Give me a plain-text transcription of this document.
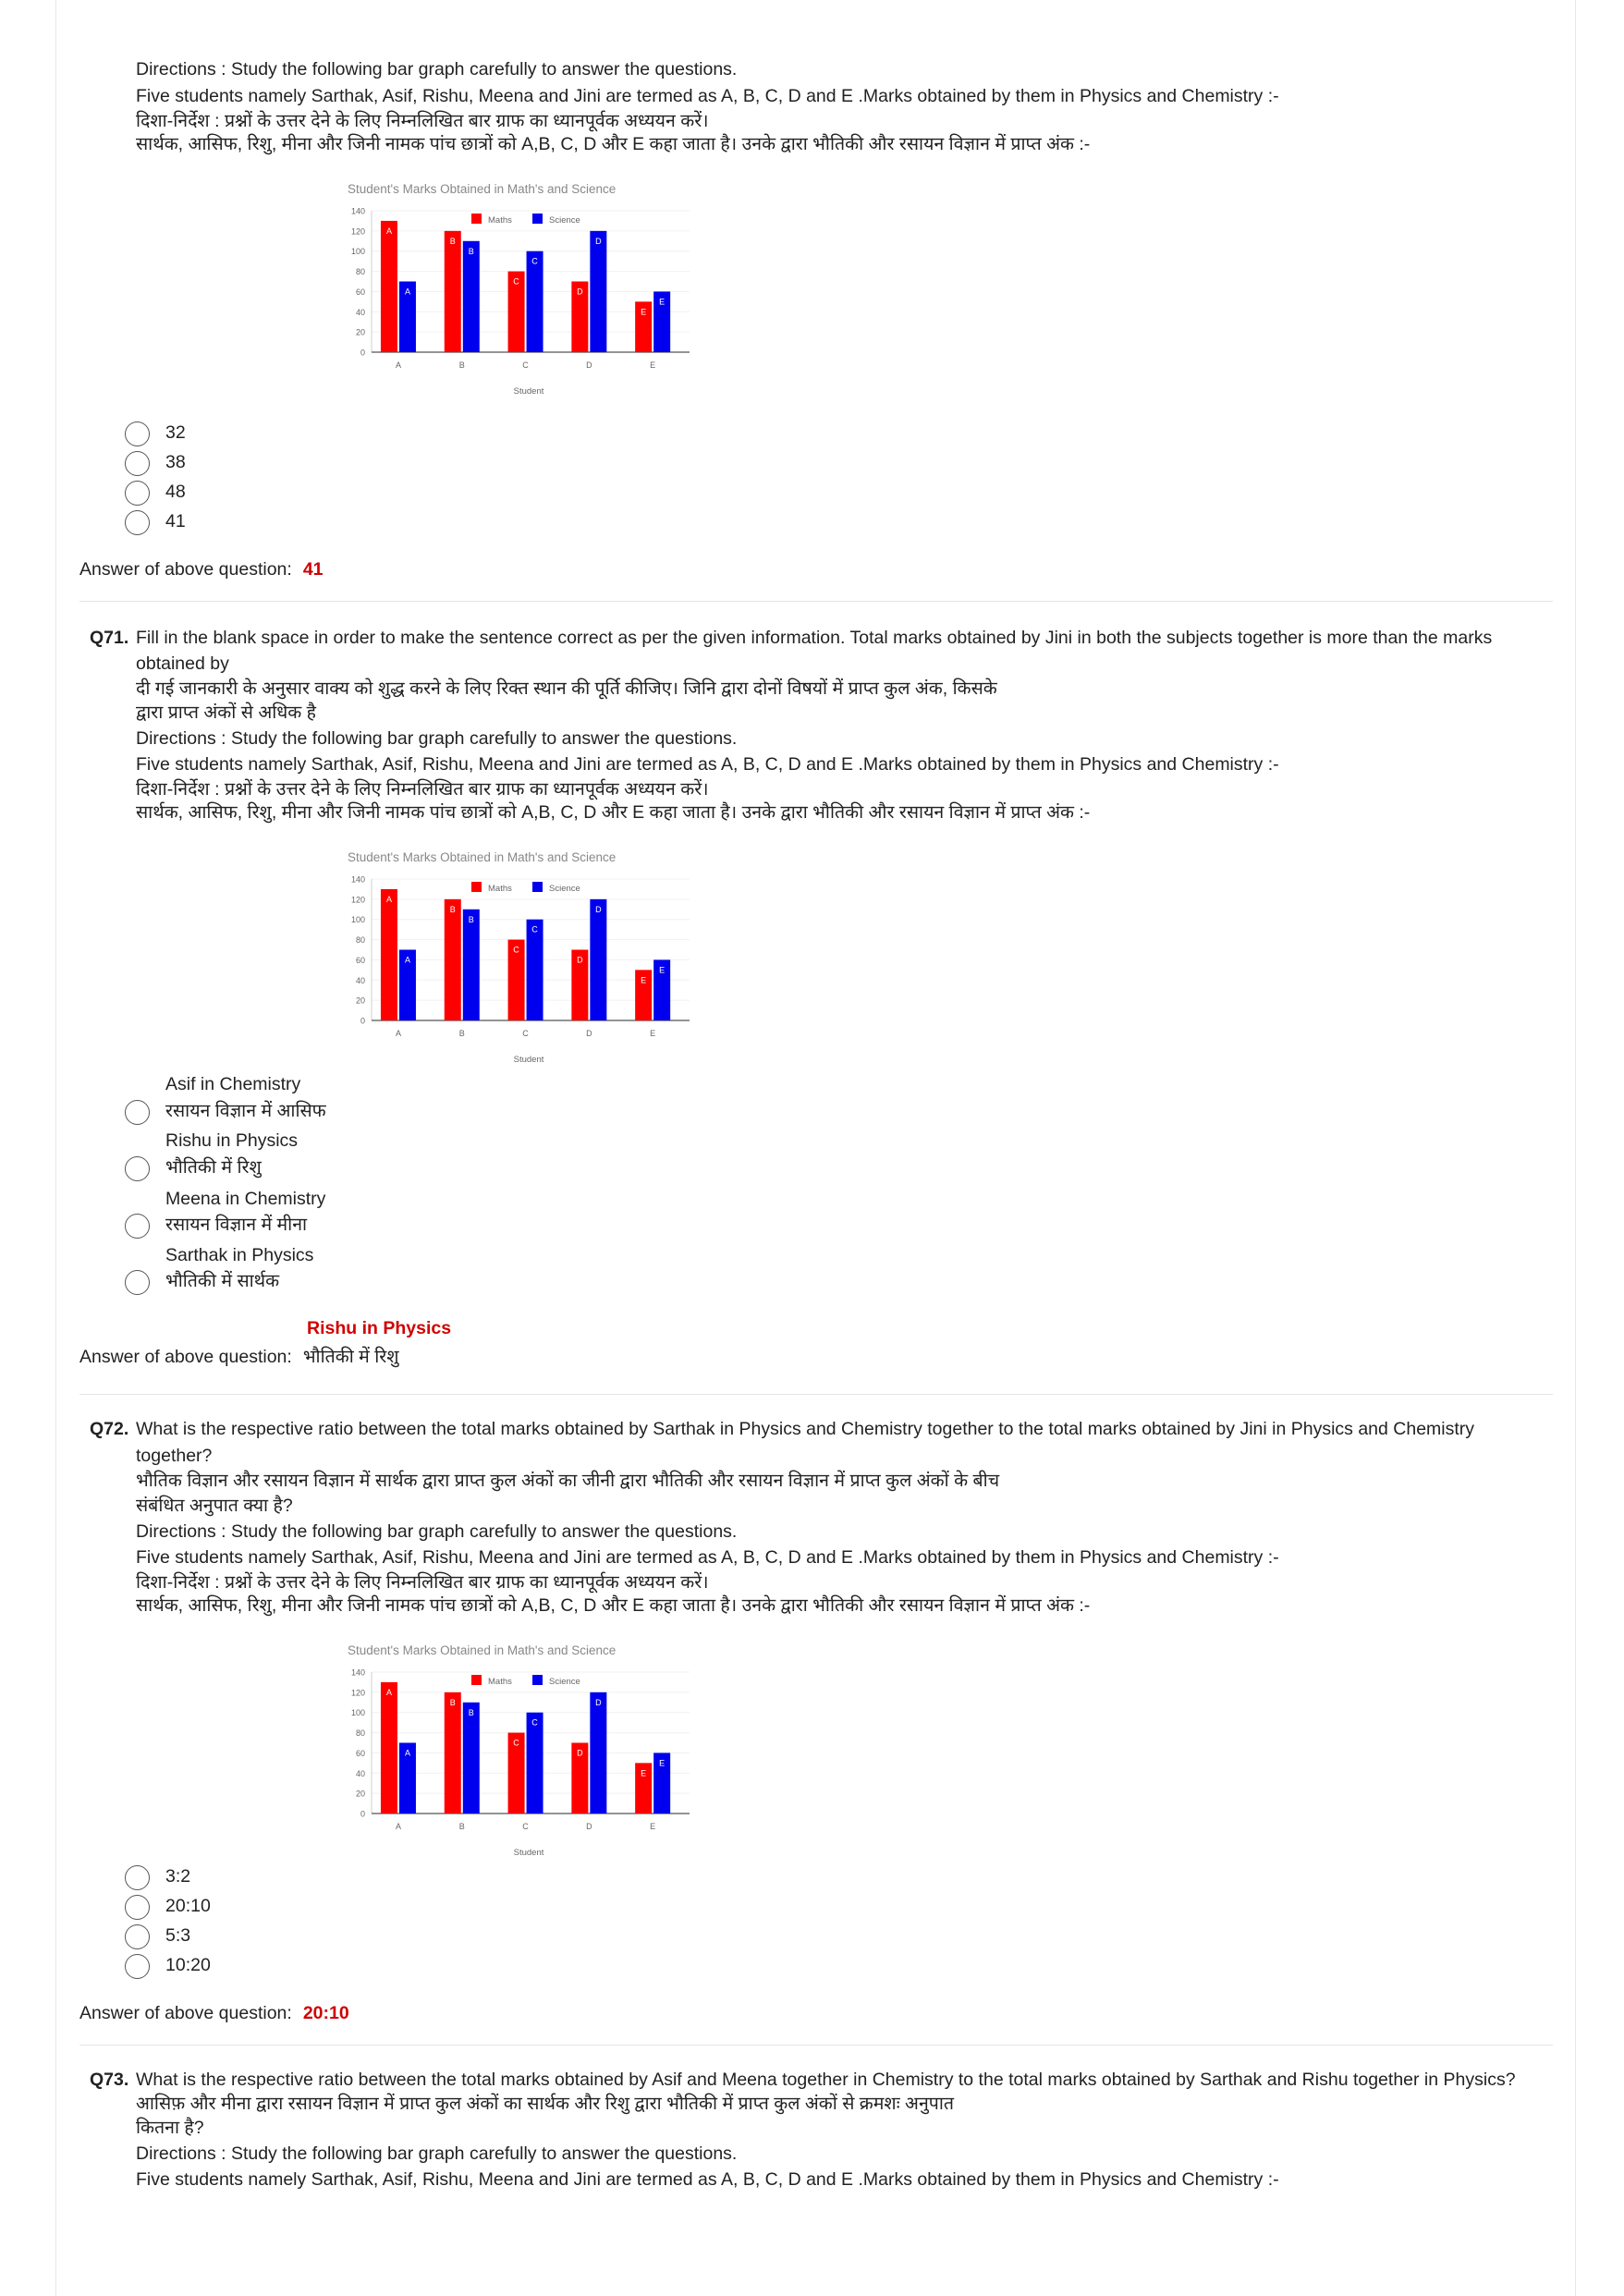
Directions : Study the following bar graph carefully to answer the questions.
Five students namely Sarthak, Asif, Rishu, Meena and Jini are termed as A, B, C, D and E .Marks obtained by them in Physics and Chemistry :-
दिशा-निर्देश : प्रश्नों के उत्तर देने के लिए निम्नलिखित बार ग्राफ का ध्यानपूर्वक अध्ययन करें।
सार्थक, आसिफ, रिशु, मीना और जिनी नामक पांच छात्रों को A,B, C, D और E कहा जाता है। उनके द्वारा भौतिकी और रसायन विज्ञान में प्राप्त अंक :-
Student's Marks Obtained in Math's and Science
0
20
40
60
80
100
120
140
Maths	Science
A
A
A
B
B
B
C
C
C
D
D
D
E
E
E
Student
32
38
48
41
Answer of above question: 41
Q71. Fill in the blank space in order to make the sentence correct as per the given information. Total marks obtained by Jini in both the subjects together is more than the marks
obtained by
दी गई जानकारी के अनुसार वाक्य को शुद्ध करने के लिए रिक्त स्थान की पूर्ति कीजिए। जिनि द्वारा दोनों विषयों में प्राप्त कुल अंक, किसके
द्वारा प्राप्त अंकों से अधिक है
Directions : Study the following bar graph carefully to answer the questions.
Five students namely Sarthak, Asif, Rishu, Meena and Jini are termed as A, B, C, D and E .Marks obtained by them in Physics and Chemistry :-
दिशा-निर्देश : प्रश्नों के उत्तर देने के लिए निम्नलिखित बार ग्राफ का ध्यानपूर्वक अध्ययन करें।
सार्थक, आसिफ, रिशु, मीना और जिनी नामक पांच छात्रों को A,B, C, D और E कहा जाता है। उनके द्वारा भौतिकी और रसायन विज्ञान में प्राप्त अंक :-
Student's Marks Obtained in Math's and Science
0
20
40
60
80
100
120
140
Maths	Science
A
A
A
B
B
B
C
C
C
D
D
D
E
E
E
Student
Asif in Chemistry
रसायन विज्ञान में आसिफ
Rishu in Physics
भौतिकी में रिशु
Meena in Chemistry
रसायन विज्ञान में मीना
Sarthak in Physics
भौतिकी में सार्थक
Rishu in Physics
Answer of above question: भौतिकी में रिशु
Q72. What is the respective ratio between the total marks obtained by Sarthak in Physics and Chemistry together to the total marks obtained by Jini in Physics and Chemistry
together?
भौतिक विज्ञान और रसायन विज्ञान में सार्थक द्वारा प्राप्त कुल अंकों का जीनी द्वारा भौतिकी और रसायन विज्ञान में प्राप्त कुल अंकों के बीच
संबंधित अनुपात क्या है?
Directions : Study the following bar graph carefully to answer the questions.
Five students namely Sarthak, Asif, Rishu, Meena and Jini are termed as A, B, C, D and E .Marks obtained by them in Physics and Chemistry :-
दिशा-निर्देश : प्रश्नों के उत्तर देने के लिए निम्नलिखित बार ग्राफ का ध्यानपूर्वक अध्ययन करें।
सार्थक, आसिफ, रिशु, मीना और जिनी नामक पांच छात्रों को A,B, C, D और E कहा जाता है। उनके द्वारा भौतिकी और रसायन विज्ञान में प्राप्त अंक :-
Student's Marks Obtained in Math's and Science
0
20
40
60
80
100
120
140
Maths	Science
A
A
A
B
B
B
C
C
C
D
D
D
E
E
E
Student
3:2
20:10
5:3
10:20
Answer of above question: 20:10
Q73. What is the respective ratio between the total marks obtained by Asif and Meena together in Chemistry to the total marks obtained by Sarthak and Rishu together in Physics?
आसिफ़ और मीना द्वारा रसायन विज्ञान में प्राप्त कुल अंकों का सार्थक और रिशु द्वारा भौतिकी में प्राप्त कुल अंकों से क्रमशः अनुपात
कितना है?
Directions : Study the following bar graph carefully to answer the questions.
Five students namely Sarthak, Asif, Rishu, Meena and Jini are termed as A, B, C, D and E .Marks obtained by them in Physics and Chemistry :-
